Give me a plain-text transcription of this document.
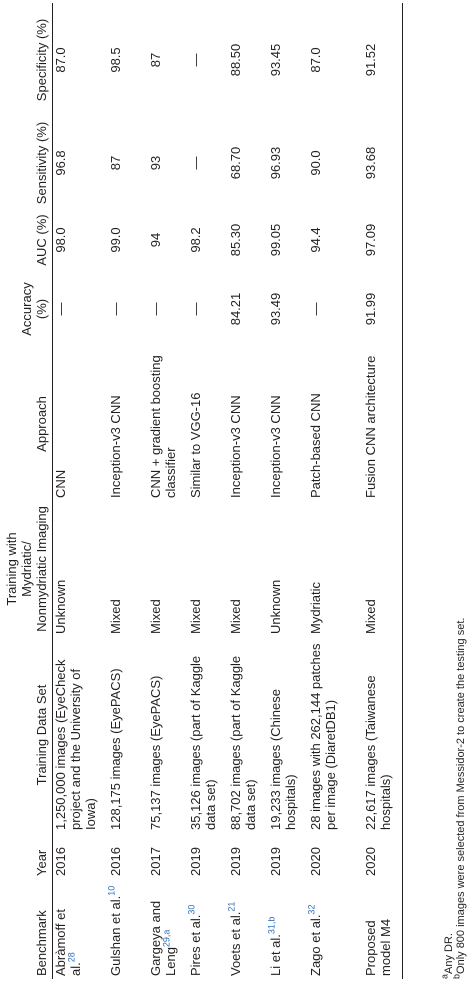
Benchmark	Year	Training Data Set	Training with Mydriatic/ Nonmydriatic Imaging	Approach	Accuracy (%)	AUC (%)	Sensitivity (%)	Specificity (%)
Abràmoff et al.$^{28}$	2016	1,250,000 images (EyeCheck project and the University of Iowa)	Unknown	CNN	—	98.0	96.8	87.0
Gulshan et al.$^{10}$	2016	128,175 images (EyePACS)	Mixed	Inception-v3 CNN	—	99.0	87	98.5
Gargeya and Leng$^{29,a}$	2017	75,137 images (EyePACS)	Mixed	CNN + gradient boosting classifier	—	94	93	87
Pires et al.$^{30}$	2019	35,126 images (part of Kaggle data set)	Mixed	Similar to VGG-16	—	98.2	—	—
Voets et al.$^{21}$	2019	88,702 images (part of Kaggle data set)	Mixed	Inception-v3 CNN	84.21	85.30	68.70	88.50
Li et al.$^{31,b}$	2019	19,233 images (Chinese hospitals)	Unknown	Inception-v3 CNN	93.49	99.05	96.93	93.45
Zago et al.$^{32}$	2020	28 images with 262,144 patches per image (DiaretDB1)	Mydriatic	Patch-based CNN	—	94.4	90.0	87.0
Proposed model M4	2020	22,617 images (Taiwanese hospitals)	Mixed	Fusion CNN architecture	91.99	97.09	93.68	91.52
$^a$Any DR.
$^b$Only 800 images were selected from Messidor-2 to create the testing set.
